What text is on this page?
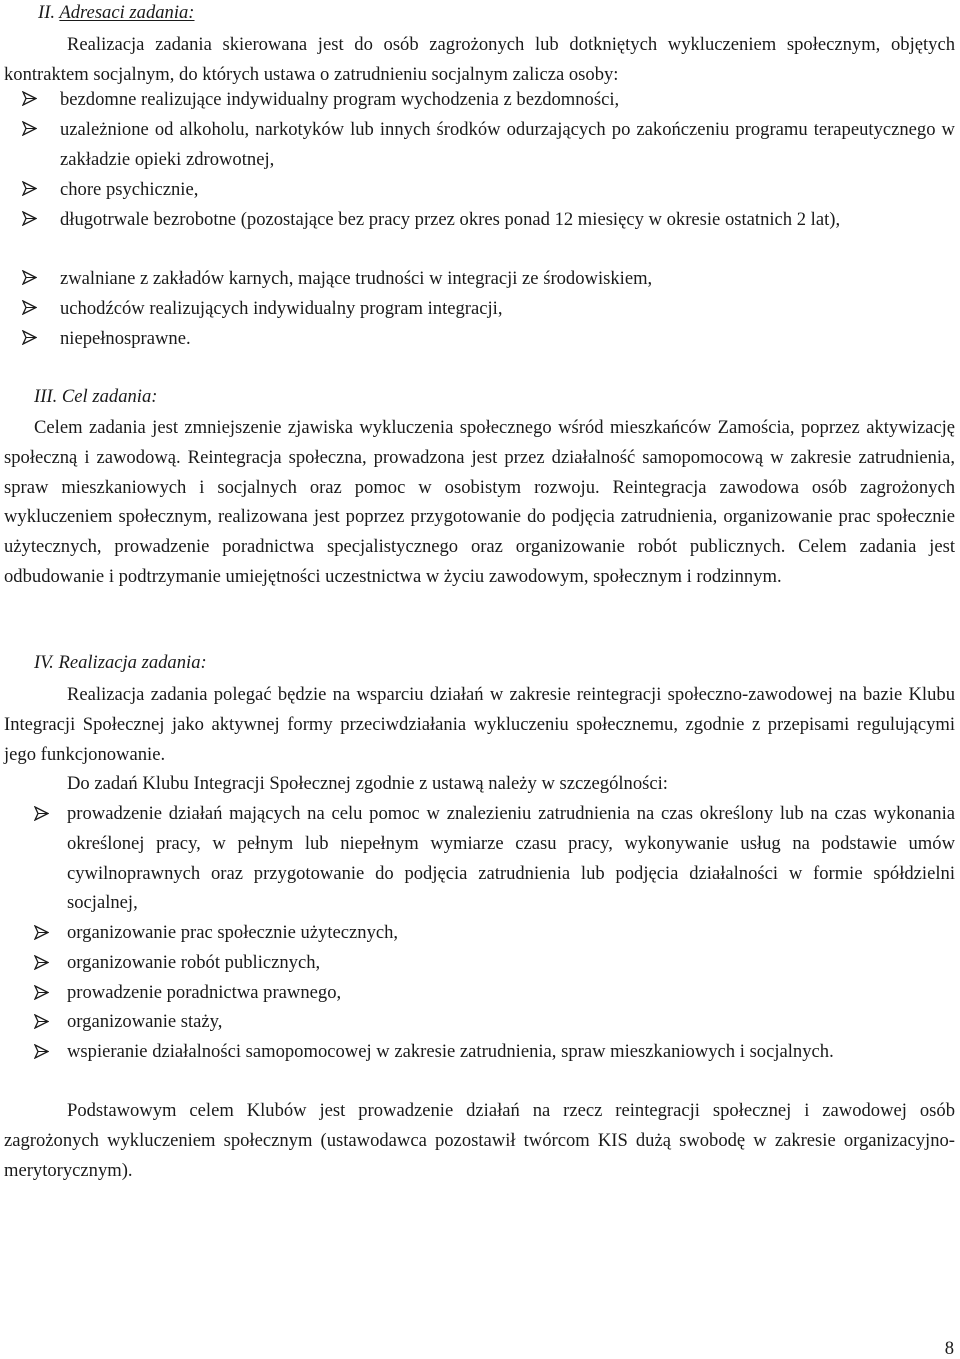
II. Adresaci zadania:
Realizacja zadania skierowana jest do osób zagrożonych lub dotkniętych wykluczeniem społecznym, objętych kontraktem socjalnym, do których ustawa o zatrudnieniu socjalnym zalicza osoby:
bezdomne realizujące indywidualny program wychodzenia z bezdomności,
uzależnione od alkoholu, narkotyków lub innych środków odurzających po zakończeniu programu terapeutycznego w zakładzie opieki zdrowotnej,
chore psychicznie,
długotrwale bezrobotne (pozostające bez pracy przez okres ponad 12 miesięcy w okresie ostatnich 2 lat),
zwalniane z zakładów karnych, mające trudności w integracji ze środowiskiem,
uchodźców realizujących indywidualny program integracji,
niepełnosprawne.
III. Cel zadania:
Celem zadania jest zmniejszenie zjawiska wykluczenia społecznego wśród mieszkańców Zamościa, poprzez aktywizację społeczną i zawodową. Reintegracja społeczna, prowadzona jest przez działalność samopomocową w zakresie zatrudnienia, spraw mieszkaniowych i socjalnych oraz pomoc w osobistym rozwoju. Reintegracja zawodowa osób zagrożonych wykluczeniem społecznym, realizowana jest poprzez przygotowanie do podjęcia zatrudnienia, organizowanie prac społecznie użytecznych, prowadzenie poradnictwa specjalistycznego oraz organizowanie robót publicznych. Celem zadania jest odbudowanie i podtrzymanie umiejętności uczestnictwa w życiu zawodowym, społecznym i rodzinnym.
IV. Realizacja zadania:
Realizacja zadania polegać będzie na wsparciu działań w zakresie reintegracji społeczno-zawodowej na bazie Klubu Integracji Społecznej jako aktywnej formy przeciwdziałania wykluczeniu społecznemu, zgodnie z przepisami regulującymi jego funkcjonowanie.
Do zadań Klubu Integracji Społecznej zgodnie z ustawą należy w szczególności:
prowadzenie działań mających na celu pomoc w znalezieniu zatrudnienia na czas określony lub na czas wykonania określonej pracy, w pełnym lub niepełnym wymiarze czasu pracy, wykonywanie usług na podstawie umów cywilnoprawnych oraz przygotowanie do podjęcia zatrudnienia lub podjęcia działalności w formie spółdzielni socjalnej,
organizowanie prac społecznie użytecznych,
organizowanie robót publicznych,
prowadzenie poradnictwa prawnego,
organizowanie staży,
wspieranie działalności samopomocowej w zakresie zatrudnienia, spraw mieszkaniowych i socjalnych.
Podstawowym celem Klubów jest prowadzenie działań na rzecz reintegracji społecznej i zawodowej osób zagrożonych wykluczeniem społecznym (ustawodawca pozostawił twórcom KIS dużą swobodę w zakresie organizacyjno-merytorycznym).
8
